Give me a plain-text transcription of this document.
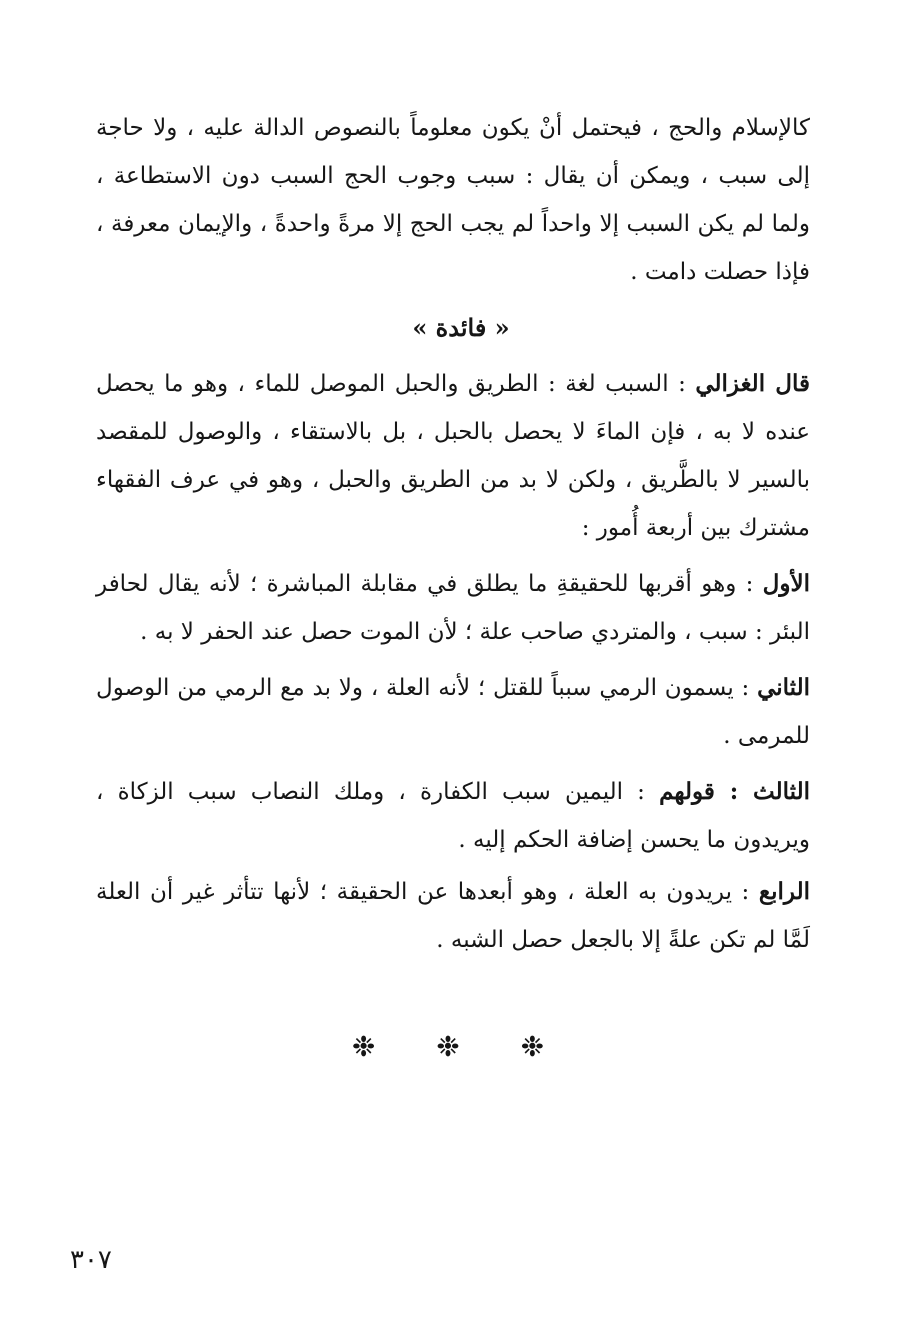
كالإسلام والحج ، فيحتمل أنْ يكون معلوماً بالنصوص الدالة عليه ، ولا حاجة إلى سبب ، ويمكن أن يقال : سبب وجوب الحج السبب دون الاستطاعة ، ولما لم يكن السبب إلا واحداً لم يجب الحج إلا مرةً واحدةً ، والإيمان معرفة ، فإذا حصلت دامت .

« فائدة »

قال الغزالي : السبب لغة : الطريق والحبل الموصل للماء ، وهو ما يحصل عنده لا به ، فإن الماءَ لا يحصل بالحبل ، بل بالاستقاء ، والوصول للمقصد بالسير لا بالطَّريق ، ولكن لا بد من الطريق والحبل ، وهو في عرف الفقهاء مشترك بين أربعة أُمور :

الأول : وهو أقربها للحقيقةِ ما يطلق في مقابلة المباشرة ؛ لأنه يقال لحافر البئر : سبب ، والمتردي صاحب علة ؛ لأن الموت حصل عند الحفر لا به .

الثاني : يسمون الرمي سبباً للقتل ؛ لأنه العلة ، ولا بد مع الرمي من الوصول للمرمى .

الثالث : قولهم : اليمين سبب الكفارة ، وملك النصاب سبب الزكاة ، ويريدون ما يحسن إضافة الحكم إليه .

الرابع : يريدون به العلة ، وهو أبعدها عن الحقيقة ؛ لأنها تتأثر غير أن العلة لَمَّا لم تكن علةً إلا بالجعل حصل الشبه .

❉ ❉ ❉
٣٠٧
